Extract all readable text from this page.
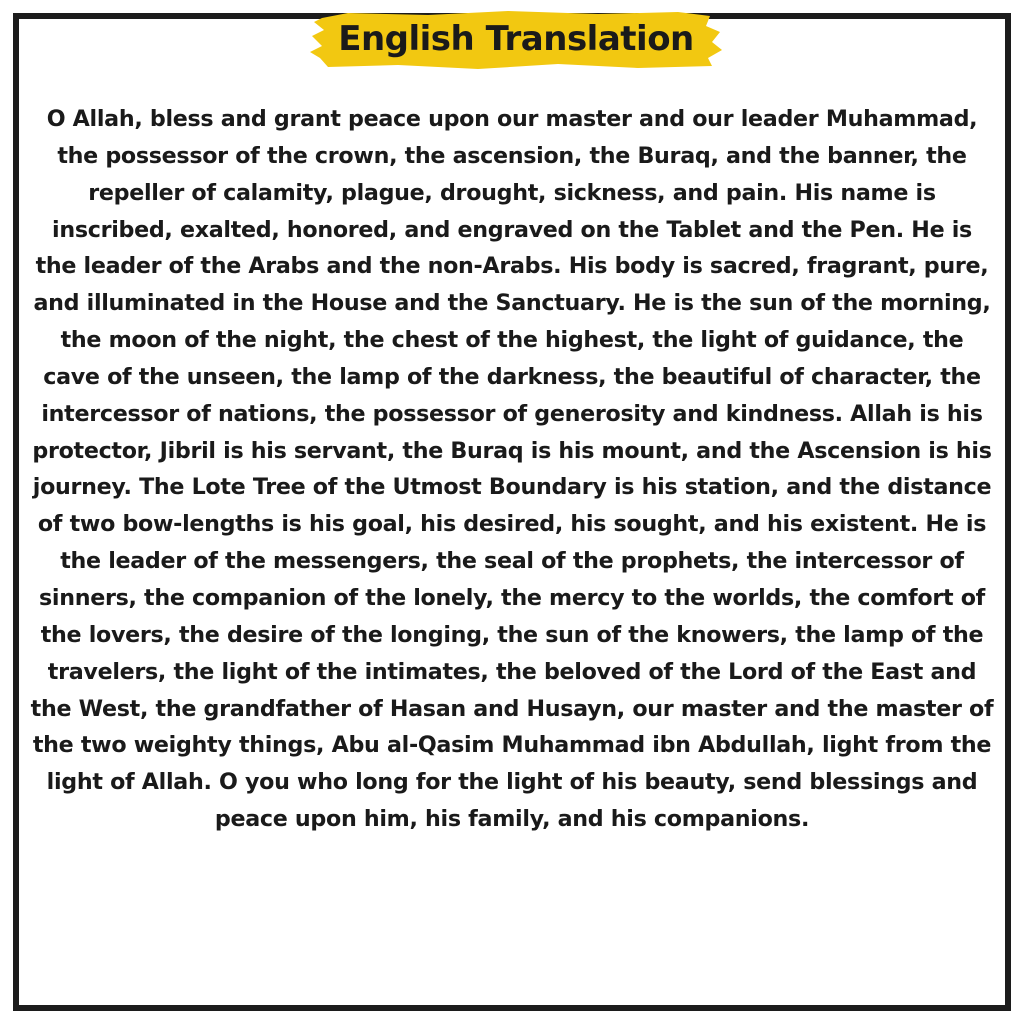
English Translation

O Allah, bless and grant peace upon our master and our leader Muhammad, the possessor of the crown, the ascension, the Buraq, and the banner, the repeller of calamity, plague, drought, sickness, and pain. His name is inscribed, exalted, honored, and engraved on the Tablet and the Pen. He is the leader of the Arabs and the non-Arabs. His body is sacred, fragrant, pure, and illuminated in the House and the Sanctuary. He is the sun of the morning, the moon of the night, the chest of the highest, the light of guidance, the cave of the unseen, the lamp of the darkness, the beautiful of character, the intercessor of nations, the possessor of generosity and kindness. Allah is his protector, Jibril is his servant, the Buraq is his mount, and the Ascension is his journey. The Lote Tree of the Utmost Boundary is his station, and the distance of two bow-lengths is his goal, his desired, his sought, and his existent. He is the leader of the messengers, the seal of the prophets, the intercessor of sinners, the companion of the lonely, the mercy to the worlds, the comfort of the lovers, the desire of the longing, the sun of the knowers, the lamp of the travelers, the light of the intimates, the beloved of the Lord of the East and the West, the grandfather of Hasan and Husayn, our master and the master of the two weighty things, Abu al-Qasim Muhammad ibn Abdullah, light from the light of Allah. O you who long for the light of his beauty, send blessings and peace upon him, his family, and his companions.
